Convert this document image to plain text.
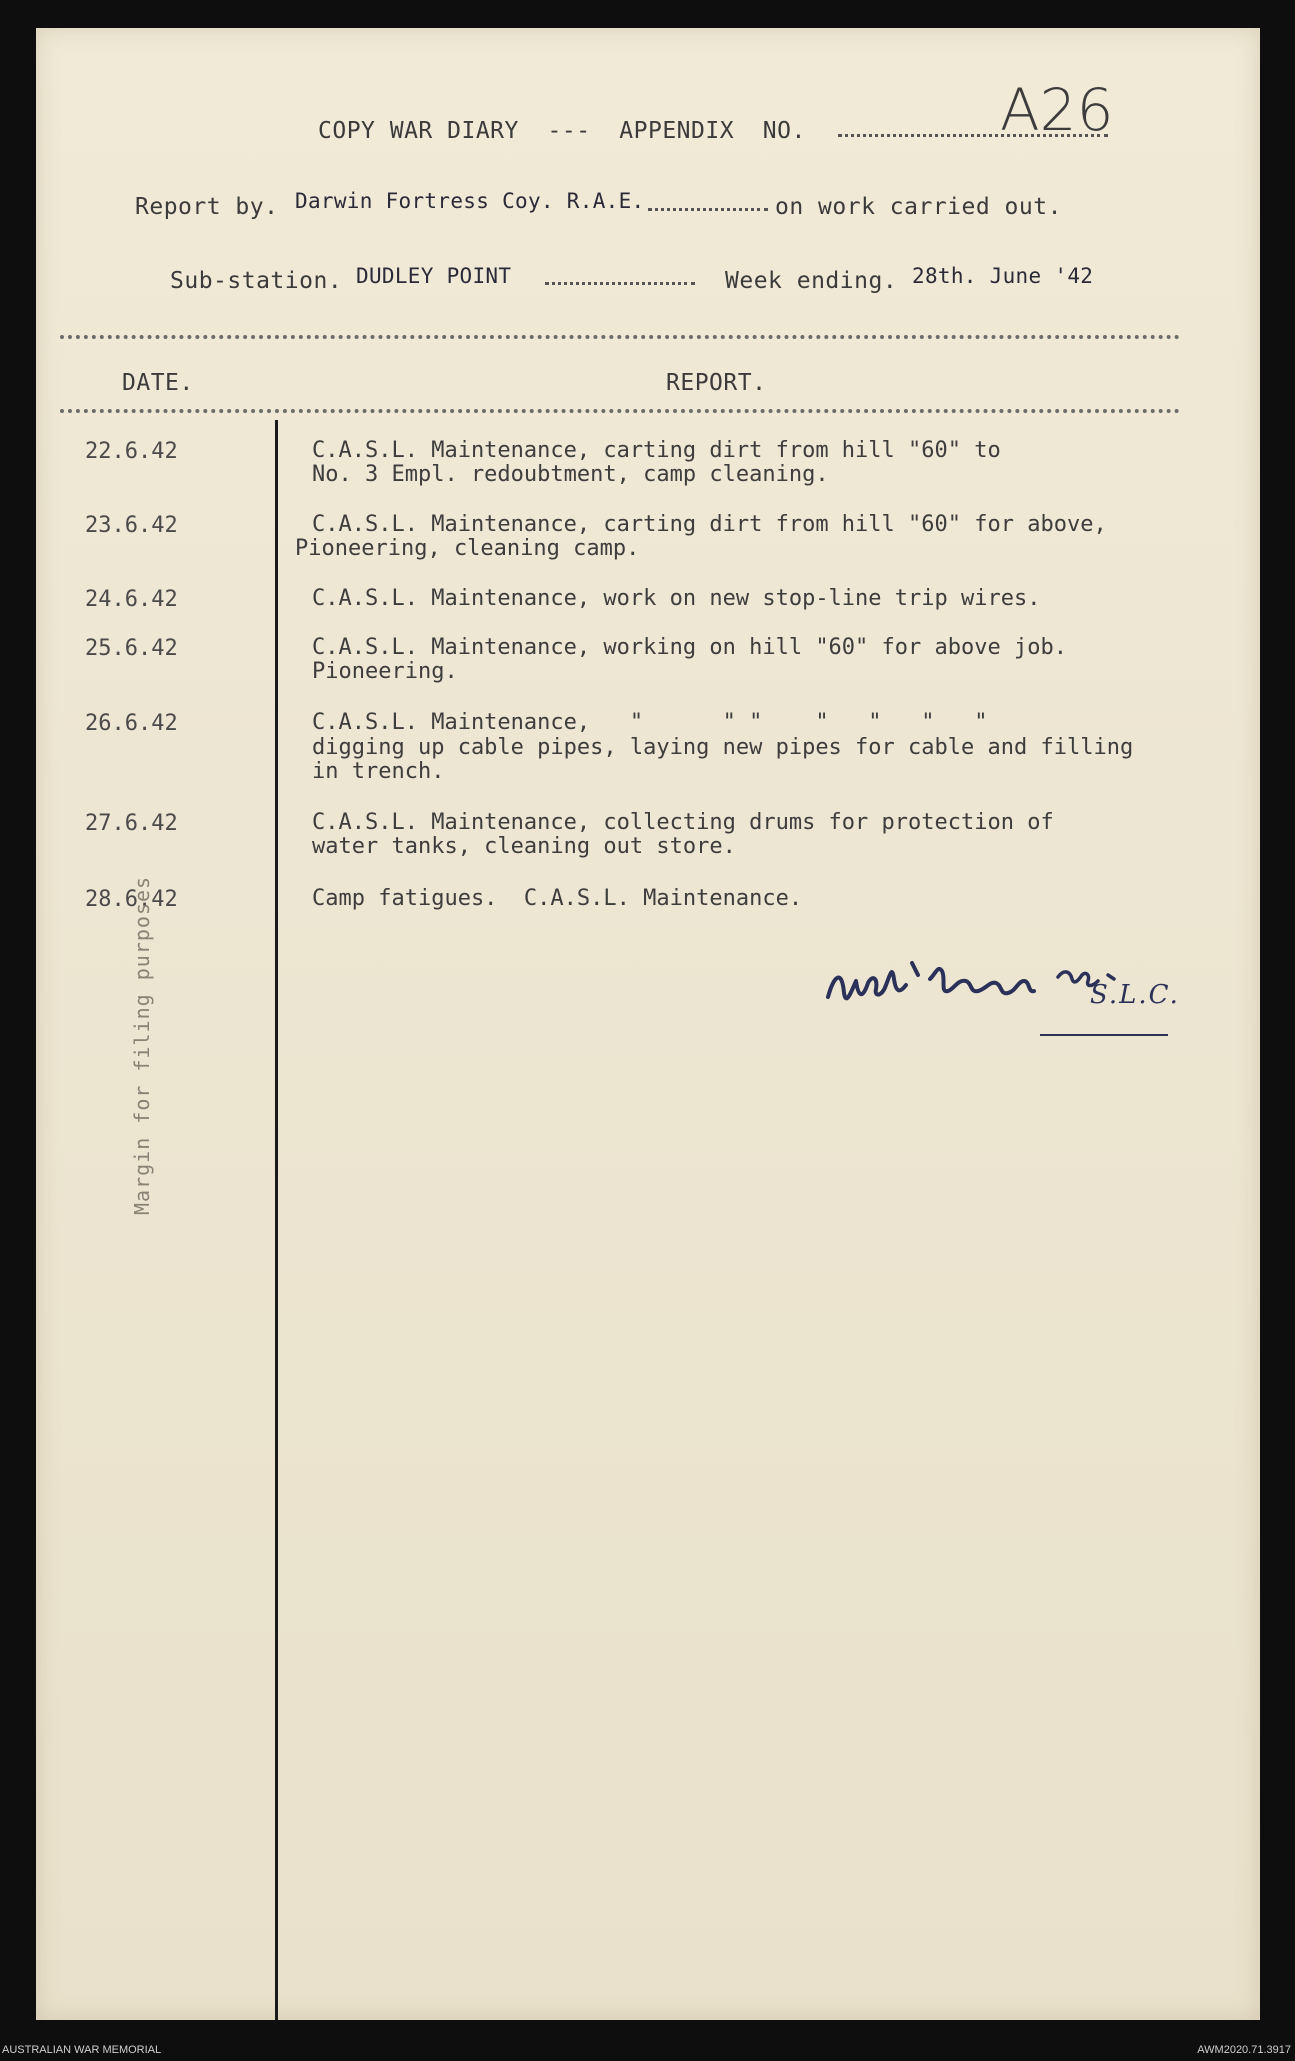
COPY WAR DIARY  ---  APPENDIX  NO.	A26
Report by. Darwin Fortress Coy. R.A.E.	on work carried out.
Sub-station. DUDLEY POINT	Week ending. 28th. June '42
DATE.	REPORT.
22.6.42	C.A.S.L. Maintenance, carting dirt from hill "60" to
No. 3 Empl. redoubtment, camp cleaning.
23.6.42	C.A.S.L. Maintenance, carting dirt from hill "60" for above,
Pioneering, cleaning camp.
24.6.42	C.A.S.L. Maintenance, work on new stop-line trip wires.
25.6.42	C.A.S.L. Maintenance, working on hill "60" for above job.
Pioneering.
26.6.42	C.A.S.L. Maintenance,   "      " "    "   "   "   "
digging up cable pipes, laying new pipes for cable and filling
in trench.
27.6.42	C.A.S.L. Maintenance, collecting drums for protection of
water tanks, cleaning out store.
28.6.42	Camp fatigues.  C.A.S.L. Maintenance.
Margin for filing purposes	S.L.C.
AUSTRALIAN WAR MEMORIAL	AWM2020.71.3917
